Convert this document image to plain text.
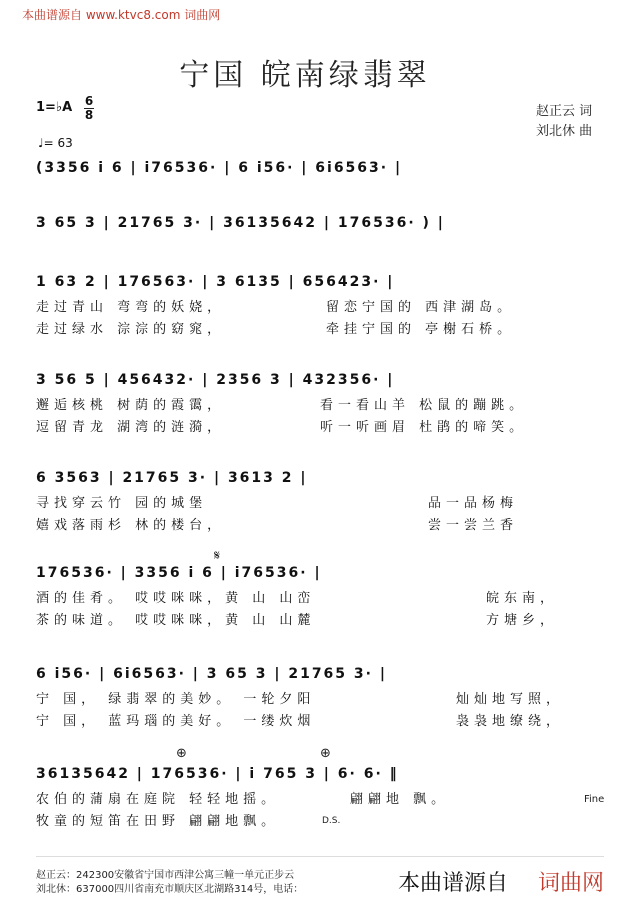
本曲谱源自 www.ktvc8.com 词曲网
宁国 皖南绿翡翠
赵正云 词
刘北休 曲
1=♭A 6
8
♩= 63
(3356 i 6 | i76536· | 6 i56· | 6i6563· |
3 65 3 | 21765 3· | 36135642 | 176536· ) |
1 63 2 | 176563· | 3 6135 | 656423· |
走过青山 弯弯的妖娆，
走过绿水 淙淙的窈窕，
留恋宁国的 西津湖岛。
牵挂宁国的 亭榭石桥。
3 56 5 | 456432· | 2356 3 | 432356· |
邂逅核桃 树荫的霞霭，
逗留青龙 湖湾的涟漪，
看一看山羊 松鼠的蹦跳。
听一听画眉 杜鹃的啼笑。
6 3563 | 21765 3· | 3613 2 |
寻找穿云竹 园的城堡
嬉戏落雨杉 林的楼台，
品一品杨梅
尝一尝兰香
𝄋
176536· | 3356 i 6 | i76536· |
酒的佳肴。 哎哎咪咪，黄 山 山峦
茶的味道。 哎哎咪咪，黄 山 山麓
皖东南，
方塘乡，
6 i56· | 6i6563· | 3 65 3 | 21765 3· |
宁 国， 绿翡翠的美妙。 一轮夕阳
宁 国， 蓝玛瑙的美好。 一缕炊烟
灿灿地写照，
袅袅地缭绕，
⊕	⊕
36135642 | 176536· | i 765 3 | 6· 6· ‖
农伯的蒲扇在庭院 轻轻地摇。
牧童的短笛在田野 翩翩地飘。
翩翩地 飘。	Fine
D.S.
赵正云：242300安徽省宁国市西津公寓三幢一单元正步云
刘北休：637000四川省南充市顺庆区北湖路314号，电话：	本曲谱源自 词曲网
